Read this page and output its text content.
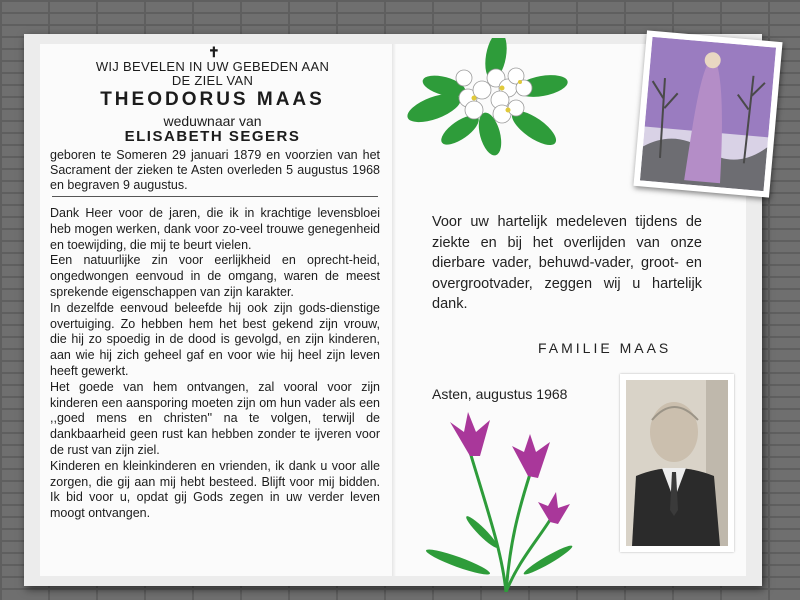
✝
WIJ BEVELEN IN UW GEBEDEN AAN
DE ZIEL VAN
THEODORUS MAAS
weduwnaar van
ELISABETH SEGERS

geboren te Someren 29 januari 1879 en voorzien van het Sacrament der zieken te Asten overleden 5 augustus 1968 en begraven 9 augustus.

Dank Heer voor de jaren, die ik in krachtige levensbloei heb mogen werken, dank voor zo-veel trouwe genegenheid en toewijding, die mij te beurt vielen.
Een natuurlijke zin voor eerlijkheid en oprecht-heid, ongedwongen eenvoud in de omgang, waren de meest sprekende eigenschappen van zijn karakter.
In dezelfde eenvoud beleefde hij ook zijn gods-dienstige overtuiging. Zo hebben hem het best gekend zijn vrouw, die hij zo spoedig in de dood is gevolgd, en zijn kinderen, aan wie hij zich geheel gaf en voor wie hij heel zijn leven heeft gewerkt.
Het goede van hem ontvangen, zal vooral voor zijn kinderen een aansporing moeten zijn om hun vader als een ,,goed mens en christen'' na te volgen, terwijl de dankbaarheid geen rust kan hebben zonder te ijveren voor de rust van zijn ziel.
Kinderen en kleinkinderen en vrienden, ik dank u voor alle zorgen, die gij aan mij hebt besteed. Blijft voor mij bidden. Ik bid voor u, opdat gij Gods zegen in uw verder leven moogt ontvangen.

Voor uw hartelijk medeleven tijdens de ziekte en bij het overlijden van onze dierbare vader, behuwd-vader, groot- en overgrootvader, zeggen wij u hartelijk dank.

FAMILIE MAAS
Asten, augustus 1968
